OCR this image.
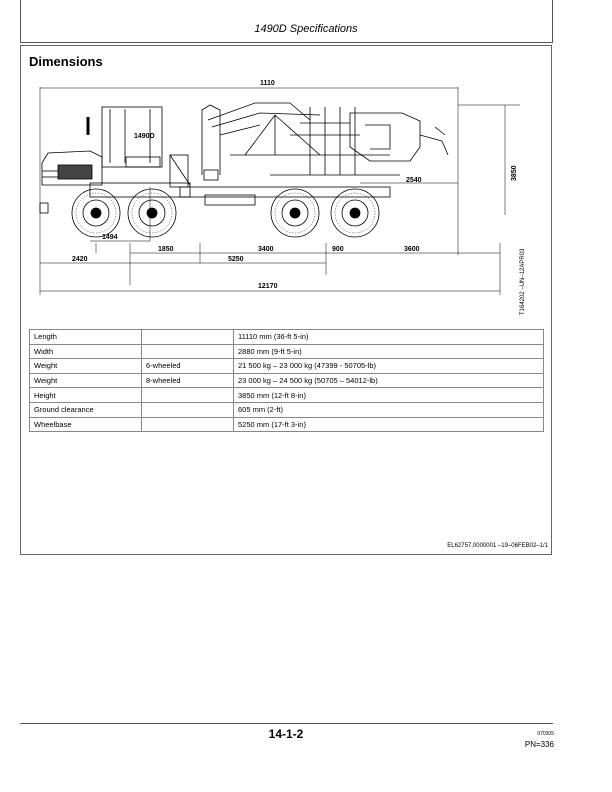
1490D Specifications
Dimensions
1110
1490D
2540
1494
1850	3400	900	3600
2420	5250
12170
3850
T164202 –UN–12APR03
Length		11110 mm (36-ft 5-in)
Width		2880 mm (9-ft 5-in)
Weight	6-wheeled	21 500 kg – 23 000 kg (47399 - 50705-lb)
Weight	8-wheeled	23 000 kg – 24 500 kg (50705 – 54012-lb)
Height		3850 mm (12-ft 8-in)
Ground clearance		605 mm (2-ft)
Wheelbase		5250 mm (17-ft 3-in)
EL62757,0000001 –19–06FEB02–1/1
14-1-2	070305
PN=336
